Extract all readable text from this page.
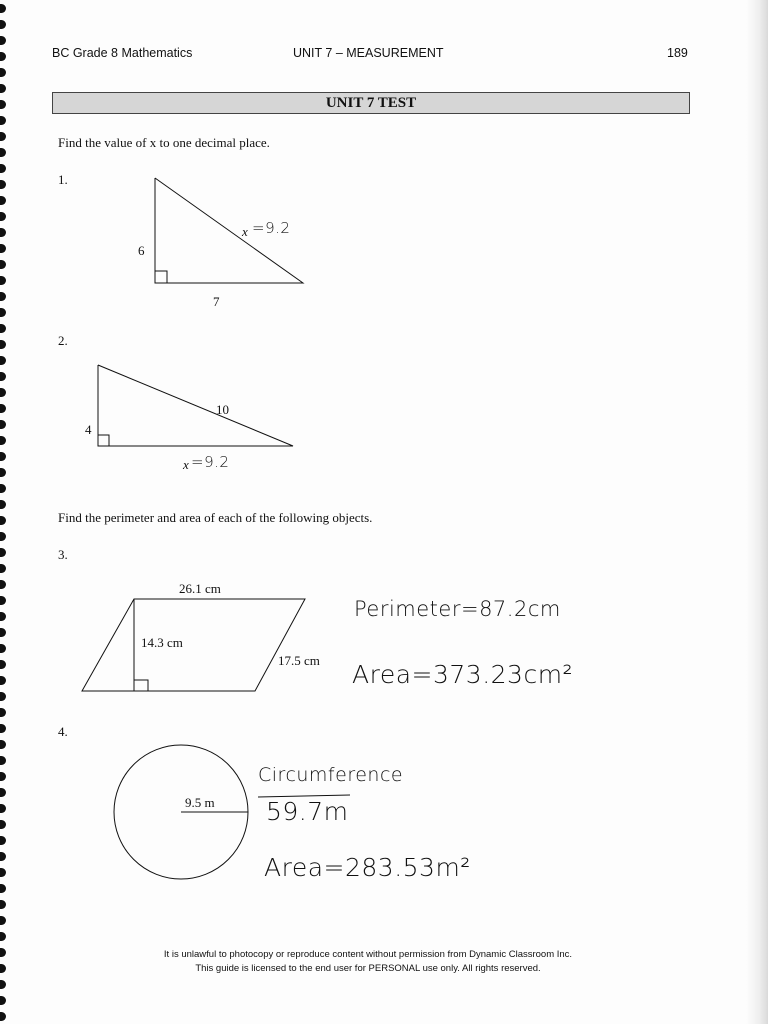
BC Grade 8 Mathematics	UNIT 7 – MEASUREMENT	189
UNIT 7 TEST
Find the value of x to one decimal place.
1.
6
7
x =9.2
2.
4
10
x =9.2
Find the perimeter and area of each of the following objects.
3.
26.1 cm
14.3 cm
17.5 cm
Perimeter=87.2cm
Area=373.23cm²
4.
9.5 m
Circumference
59.7m
Area=283.53m²
It is unlawful to photocopy or reproduce content without permission from Dynamic Classroom Inc.
This guide is licensed to the end user for PERSONAL use only. All rights reserved.
